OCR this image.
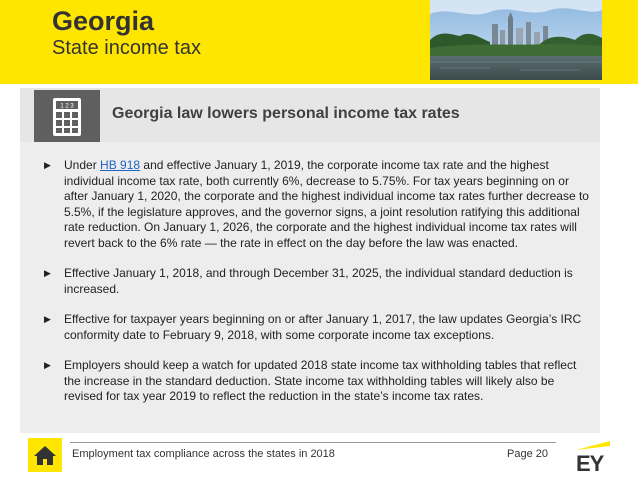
Georgia
State income tax
1 2 3 Georgia law lowers personal income tax rates
▶ Under HB 918 and effective January 1, 2019, the corporate income tax rate and the highest individual income tax rate, both currently 6%, decrease to 5.75%. For tax years beginning on or after January 1, 2020, the corporate and the highest individual income tax rates further decrease to 5.5%, if the legislature approves, and the governor signs, a joint resolution ratifying this additional rate reduction. On January 1, 2026, the corporate and the highest individual income tax rates will revert back to the 6% rate — the rate in effect on the day before the law was enacted.
▶ Effective January 1, 2018, and through December 31, 2025, the individual standard deduction is increased.
▶ Effective for taxpayer years beginning on or after January 1, 2017, the law updates Georgia’s IRC conformity date to February 9, 2018, with some corporate income tax exceptions.
▶ Employers should keep a watch for updated 2018 state income tax withholding tables that reflect the increase in the standard deduction. State income tax withholding tables will likely also be revised for tax year 2019 to reflect the reduction in the state’s income tax rates.
Employment tax compliance across the states in 2018	Page 20 EY
